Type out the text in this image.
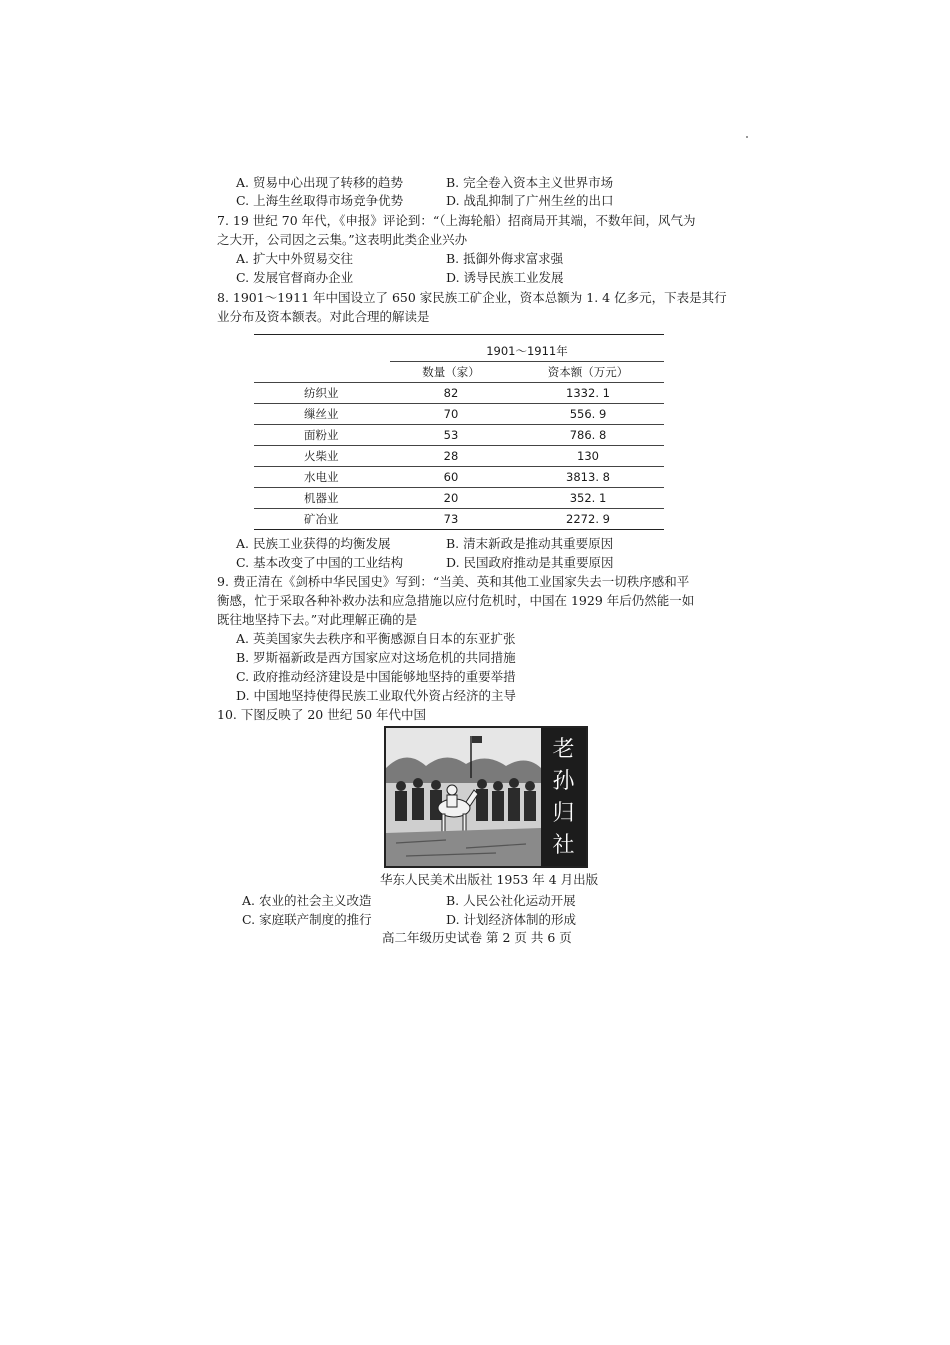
A. 贸易中心出现了转移的趋势	B. 完全卷入资本主义世界市场
C. 上海生丝取得市场竞争优势	D. 战乱抑制了广州生丝的出口
7. 19 世纪 70 年代，《申报》评论到：“（上海轮船）招商局开其端，不数年间，风气为
之大开，公司因之云集。”这表明此类企业兴办
A. 扩大中外贸易交往	B. 抵御外侮求富求强
C. 发展官督商办企业	D. 诱导民族工业发展
8. 1901～1911 年中国设立了 650 家民族工矿企业，资本总额为 1. 4 亿多元，下表是其行
业分布及资本额表。对此合理的解读是
	1901～1911年	
	数量（家）	资本额（万元）
纺织业	82	1332. 1
缫丝业	70	556. 9
面粉业	53	786. 8
火柴业	28	130
水电业	60	3813. 8
机器业	20	352. 1
矿冶业	73	2272. 9
A. 民族工业获得的均衡发展	B. 清末新政是推动其重要原因
C. 基本改变了中国的工业结构	D. 民国政府推动是其重要原因
9. 费正清在《剑桥中华民国史》写到：“当美、英和其他工业国家失去一切秩序感和平
衡感，忙于采取各种补救办法和应急措施以应付危机时，中国在 1929 年后仍然能一如
既往地坚持下去。”对此理解正确的是
A. 英美国家失去秩序和平衡感源自日本的东亚扩张
B. 罗斯福新政是西方国家应对这场危机的共同措施
C. 政府推动经济建设是中国能够地坚持的重要举措
D. 中国地坚持使得民族工业取代外资占经济的主导
10. 下图反映了 20 世纪 50 年代中国
老
孙
归
社
华东人民美术出版社 1953 年 4 月出版
A. 农业的社会主义改造	B. 人民公社化运动开展
C. 家庭联产制度的推行	D. 计划经济体制的形成
高二年级历史试卷 第 2 页 共 6 页
